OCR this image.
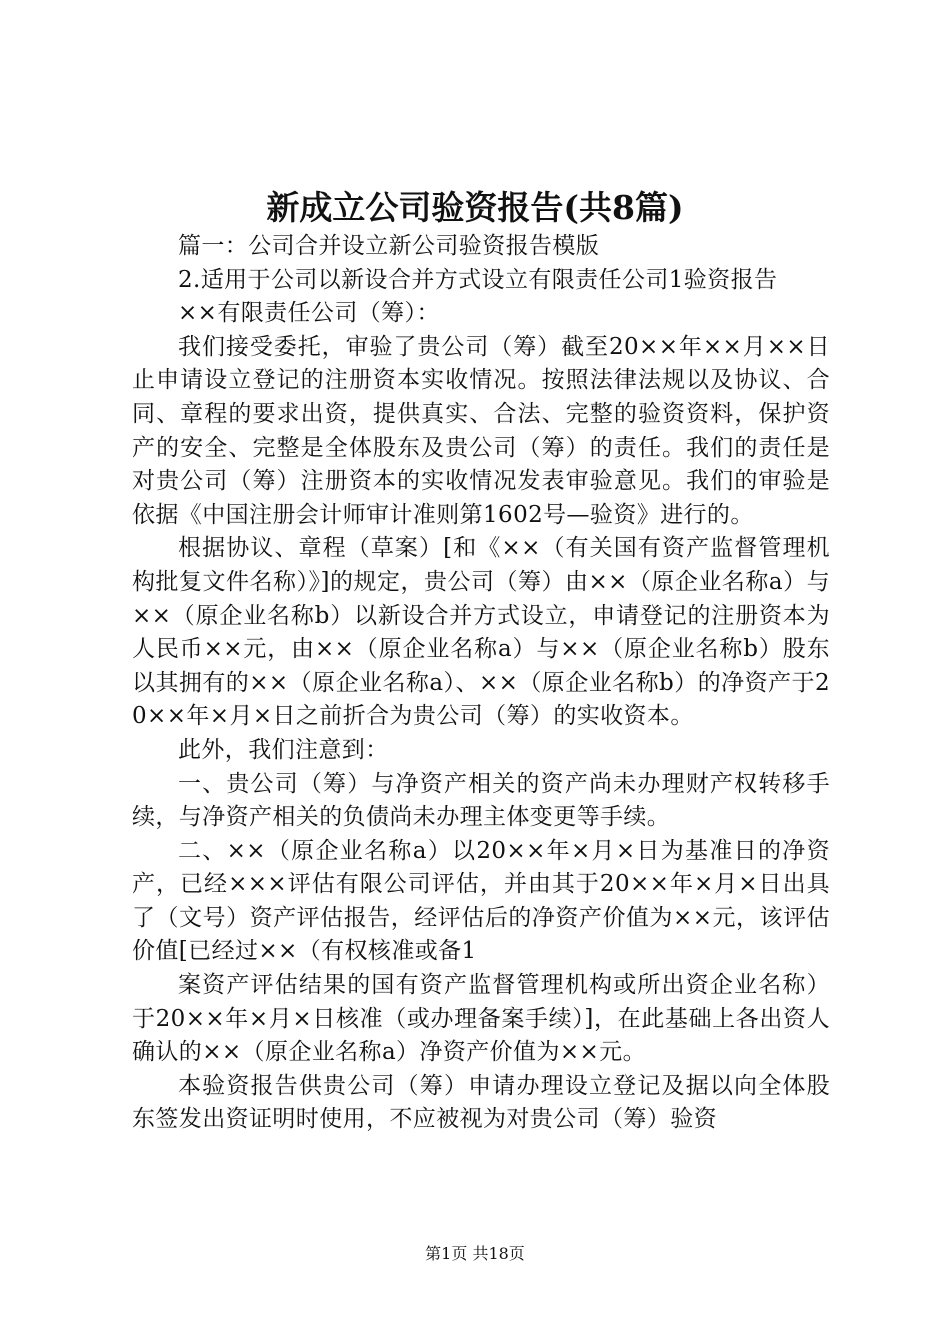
新成立公司验资报告(共8篇)

篇一：公司合并设立新公司验资报告模版

2.适用于公司以新设合并方式设立有限责任公司1验资报告

××有限责任公司（筹）：

我们接受委托，审验了贵公司（筹）截至20××年××月××日止申请设立登记的注册资本实收情况。按照法律法规以及协议、合同、章程的要求出资，提供真实、合法、完整的验资资料，保护资产的安全、完整是全体股东及贵公司（筹）的责任。我们的责任是对贵公司（筹）注册资本的实收情况发表审验意见。我们的审验是依据《中国注册会计师审计准则第1602号—验资》进行的。

根据协议、章程（草案）[和《××（有关国有资产监督管理机构批复文件名称）》]的规定，贵公司（筹）由××（原企业名称a）与××（原企业名称b）以新设合并方式设立，申请登记的注册资本为人民币××元，由××（原企业名称a）与××（原企业名称b）股东以其拥有的××（原企业名称a）、××（原企业名称b）的净资产于20××年×月×日之前折合为贵公司（筹）的实收资本。

此外，我们注意到：

一、贵公司（筹）与净资产相关的资产尚未办理财产权转移手续，与净资产相关的负债尚未办理主体变更等手续。

二、××（原企业名称a）以20××年×月×日为基准日的净资产，已经×××评估有限公司评估，并由其于20××年×月×日出具了（文号）资产评估报告，经评估后的净资产价值为××元，该评估价值[已经过××（有权核准或备1

案资产评估结果的国有资产监督管理机构或所出资企业名称）于20××年×月×日核准（或办理备案手续）]，在此基础上各出资人确认的××（原企业名称a）净资产价值为××元。

本验资报告供贵公司（筹）申请办理设立登记及据以向全体股东签发出资证明时使用，不应被视为对贵公司（筹）验资

第1页 共18页
